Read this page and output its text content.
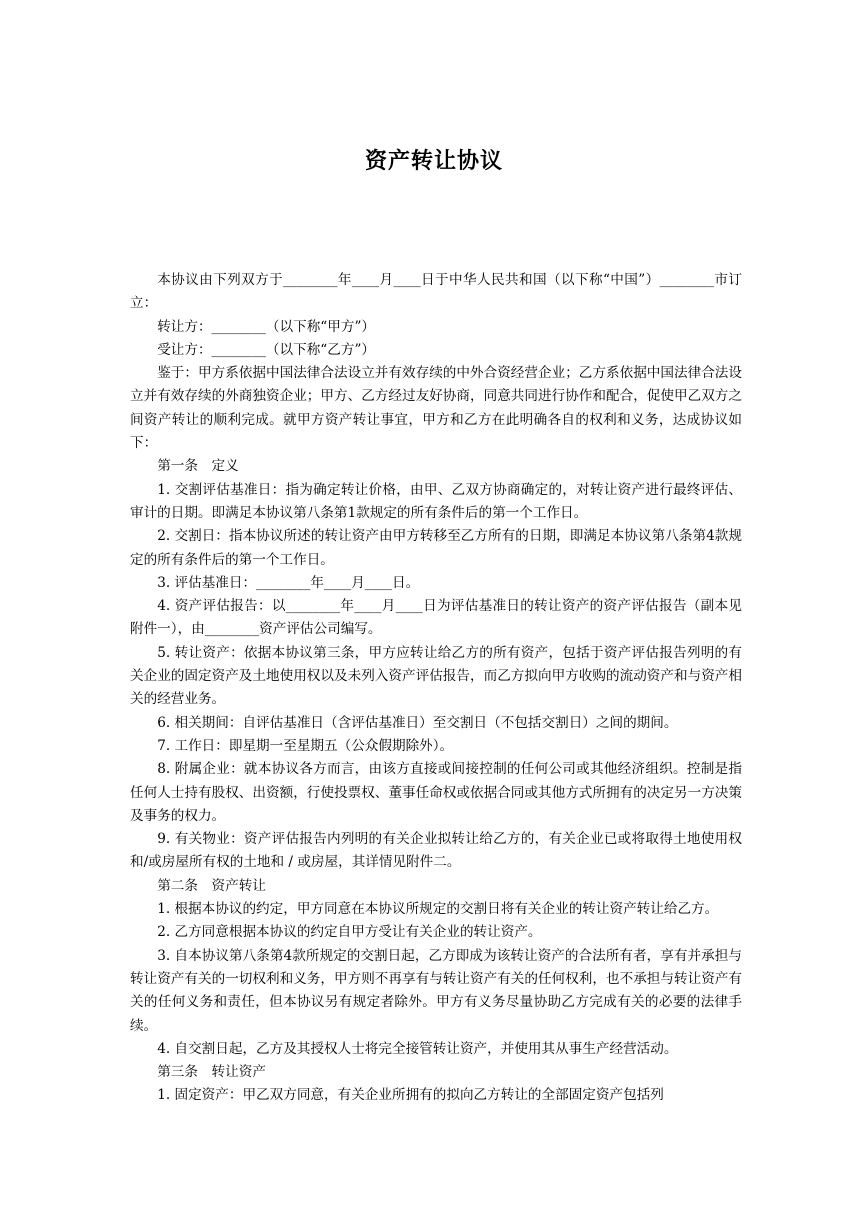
资产转让协议

本协议由下列双方于________年____月____日于中华人民共和国（以下称“中国”）________市订立：

转让方：________（以下称“甲方”）

受让方：________（以下称“乙方”）

鉴于：甲方系依据中国法律合法设立并有效存续的中外合资经营企业；乙方系依据中国法律合法设立并有效存续的外商独资企业；甲方、乙方经过友好协商，同意共同进行协作和配合，促使甲乙双方之间资产转让的顺利完成。就甲方资产转让事宜，甲方和乙方在此明确各自的权利和义务，达成协议如下：

第一条　定义

1. 交割评估基准日：指为确定转让价格，由甲、乙双方协商确定的，对转让资产进行最终评估、审计的日期。即满足本协议第八条第1款规定的所有条件后的第一个工作日。

2. 交割日：指本协议所述的转让资产由甲方转移至乙方所有的日期，即满足本协议第八条第4款规定的所有条件后的第一个工作日。

3. 评估基准日：________年____月____日。

4. 资产评估报告：以________年____月____日为评估基准日的转让资产的资产评估报告（副本见附件一），由________资产评估公司编写。

5. 转让资产：依据本协议第三条，甲方应转让给乙方的所有资产，包括于资产评估报告列明的有关企业的固定资产及土地使用权以及未列入资产评估报告，而乙方拟向甲方收购的流动资产和与资产相关的经营业务。

6. 相关期间：自评估基准日（含评估基准日）至交割日（不包括交割日）之间的期间。

7. 工作日：即星期一至星期五（公众假期除外）。

8. 附属企业：就本协议各方而言，由该方直接或间接控制的任何公司或其他经济组织。控制是指任何人士持有股权、出资额，行使投票权、董事任命权或依据合同或其他方式所拥有的决定另一方决策及事务的权力。

9. 有关物业：资产评估报告内列明的有关企业拟转让给乙方的，有关企业已或将取得土地使用权和/或房屋所有权的土地和 / 或房屋，其详情见附件二。

第二条　资产转让

1. 根据本协议的约定，甲方同意在本协议所规定的交割日将有关企业的转让资产转让给乙方。

2. 乙方同意根据本协议的约定自甲方受让有关企业的转让资产。

3. 自本协议第八条第4款所规定的交割日起，乙方即成为该转让资产的合法所有者，享有并承担与转让资产有关的一切权利和义务，甲方则不再享有与转让资产有关的任何权利，也不承担与转让资产有关的任何义务和责任，但本协议另有规定者除外。甲方有义务尽量协助乙方完成有关的必要的法律手续。

4. 自交割日起，乙方及其授权人士将完全接管转让资产，并使用其从事生产经营活动。

第三条　转让资产

1. 固定资产：甲乙双方同意，有关企业所拥有的拟向乙方转让的全部固定资产包括列
